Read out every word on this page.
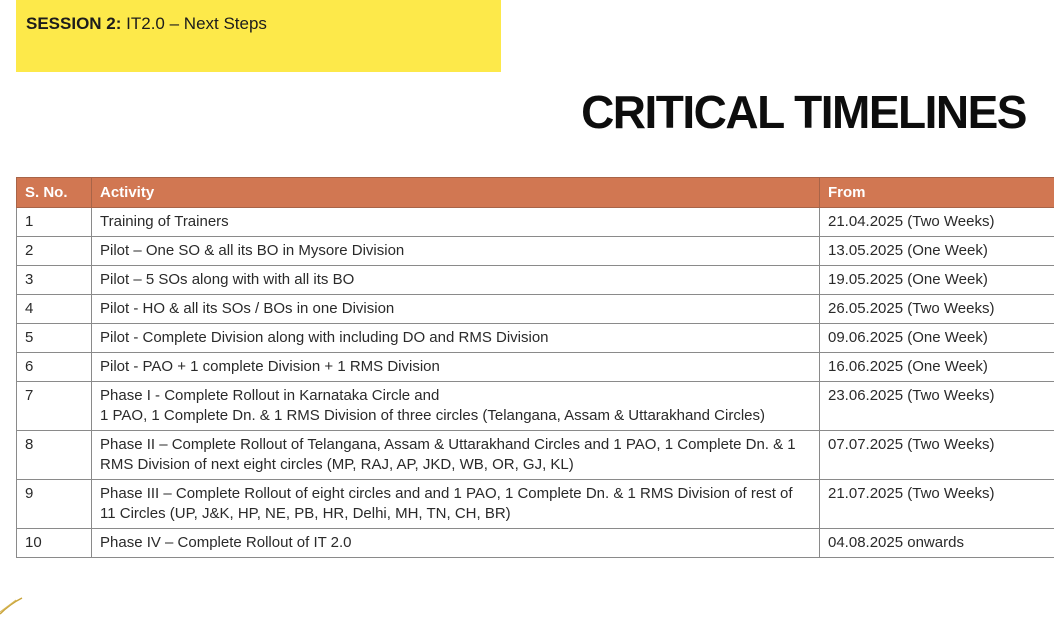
SESSION 2: IT2.0 – Next Steps
CRITICAL TIMELINES
S. No.	Activity	From
1	Training of Trainers	21.04.2025 (Two Weeks)
2	Pilot – One SO & all its BO in Mysore Division	13.05.2025 (One Week)
3	Pilot – 5 SOs along with with all its BO	19.05.2025 (One Week)
4	Pilot - HO & all its SOs / BOs in one Division	26.05.2025 (Two Weeks)
5	Pilot - Complete Division along with including DO and RMS Division	09.06.2025 (One Week)
6	Pilot - PAO + 1 complete Division + 1 RMS Division	16.06.2025 (One Week)
7	Phase I - Complete Rollout in Karnataka Circle and
1 PAO, 1 Complete Dn. & 1 RMS Division of three circles (Telangana, Assam & Uttarakhand Circles)	23.06.2025 (Two Weeks)
8	Phase II – Complete Rollout of Telangana, Assam & Uttarakhand Circles and 1 PAO, 1 Complete Dn. & 1 RMS Division of next eight circles (MP, RAJ, AP, JKD, WB, OR, GJ, KL)	07.07.2025 (Two Weeks)
9	Phase III – Complete Rollout of eight circles and and 1 PAO, 1 Complete Dn. & 1 RMS Division of rest of 11 Circles (UP, J&K, HP, NE, PB, HR, Delhi, MH, TN, CH, BR)	21.07.2025 (Two Weeks)
10	Phase IV – Complete Rollout of IT 2.0	04.08.2025 onwards
